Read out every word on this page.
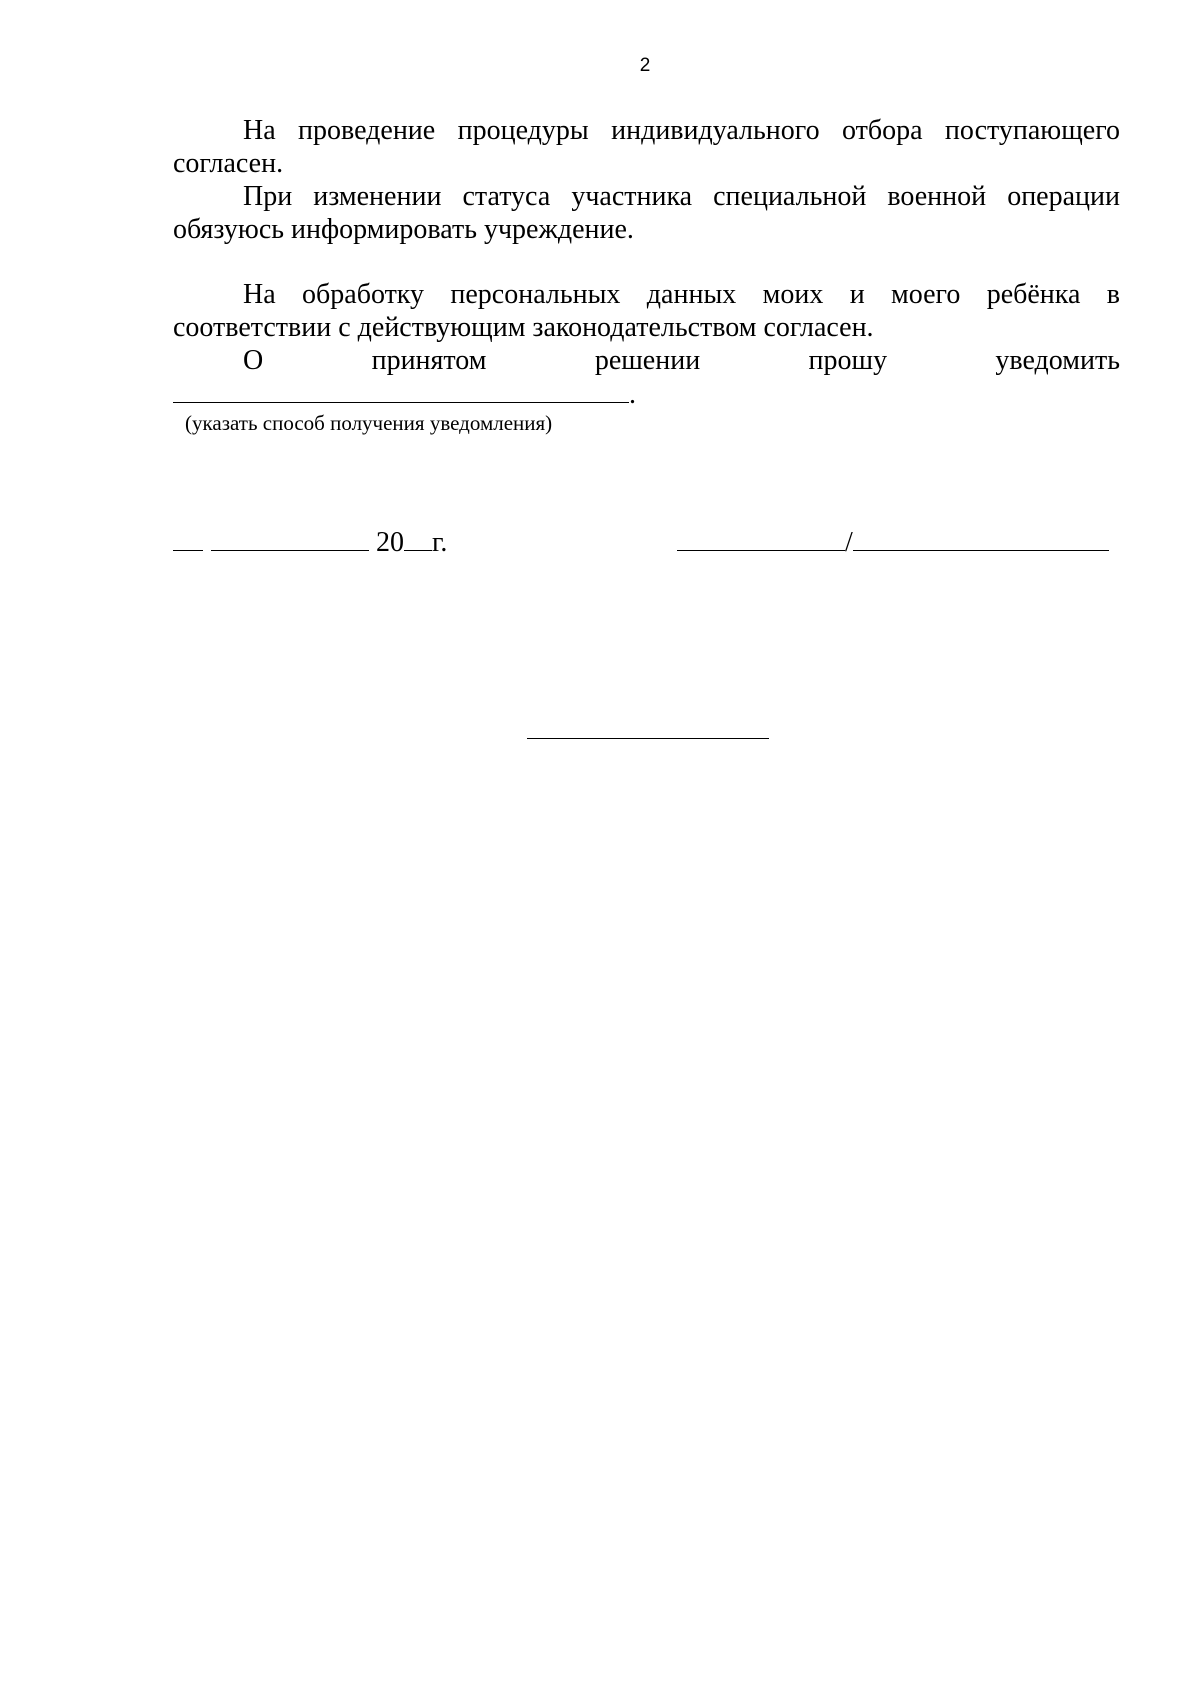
2

На проведение процедуры индивидуального отбора поступающего согласен.

При изменении статуса участника специальной военной операции обязуюсь информировать учреждение.

На обработку персональных данных моих и моего ребёнка в соответствии с действующим законодательством согласен.

О	принятом	решении	прошу	уведомить
.
(указать способ получения уведомления)
20 г.	/
